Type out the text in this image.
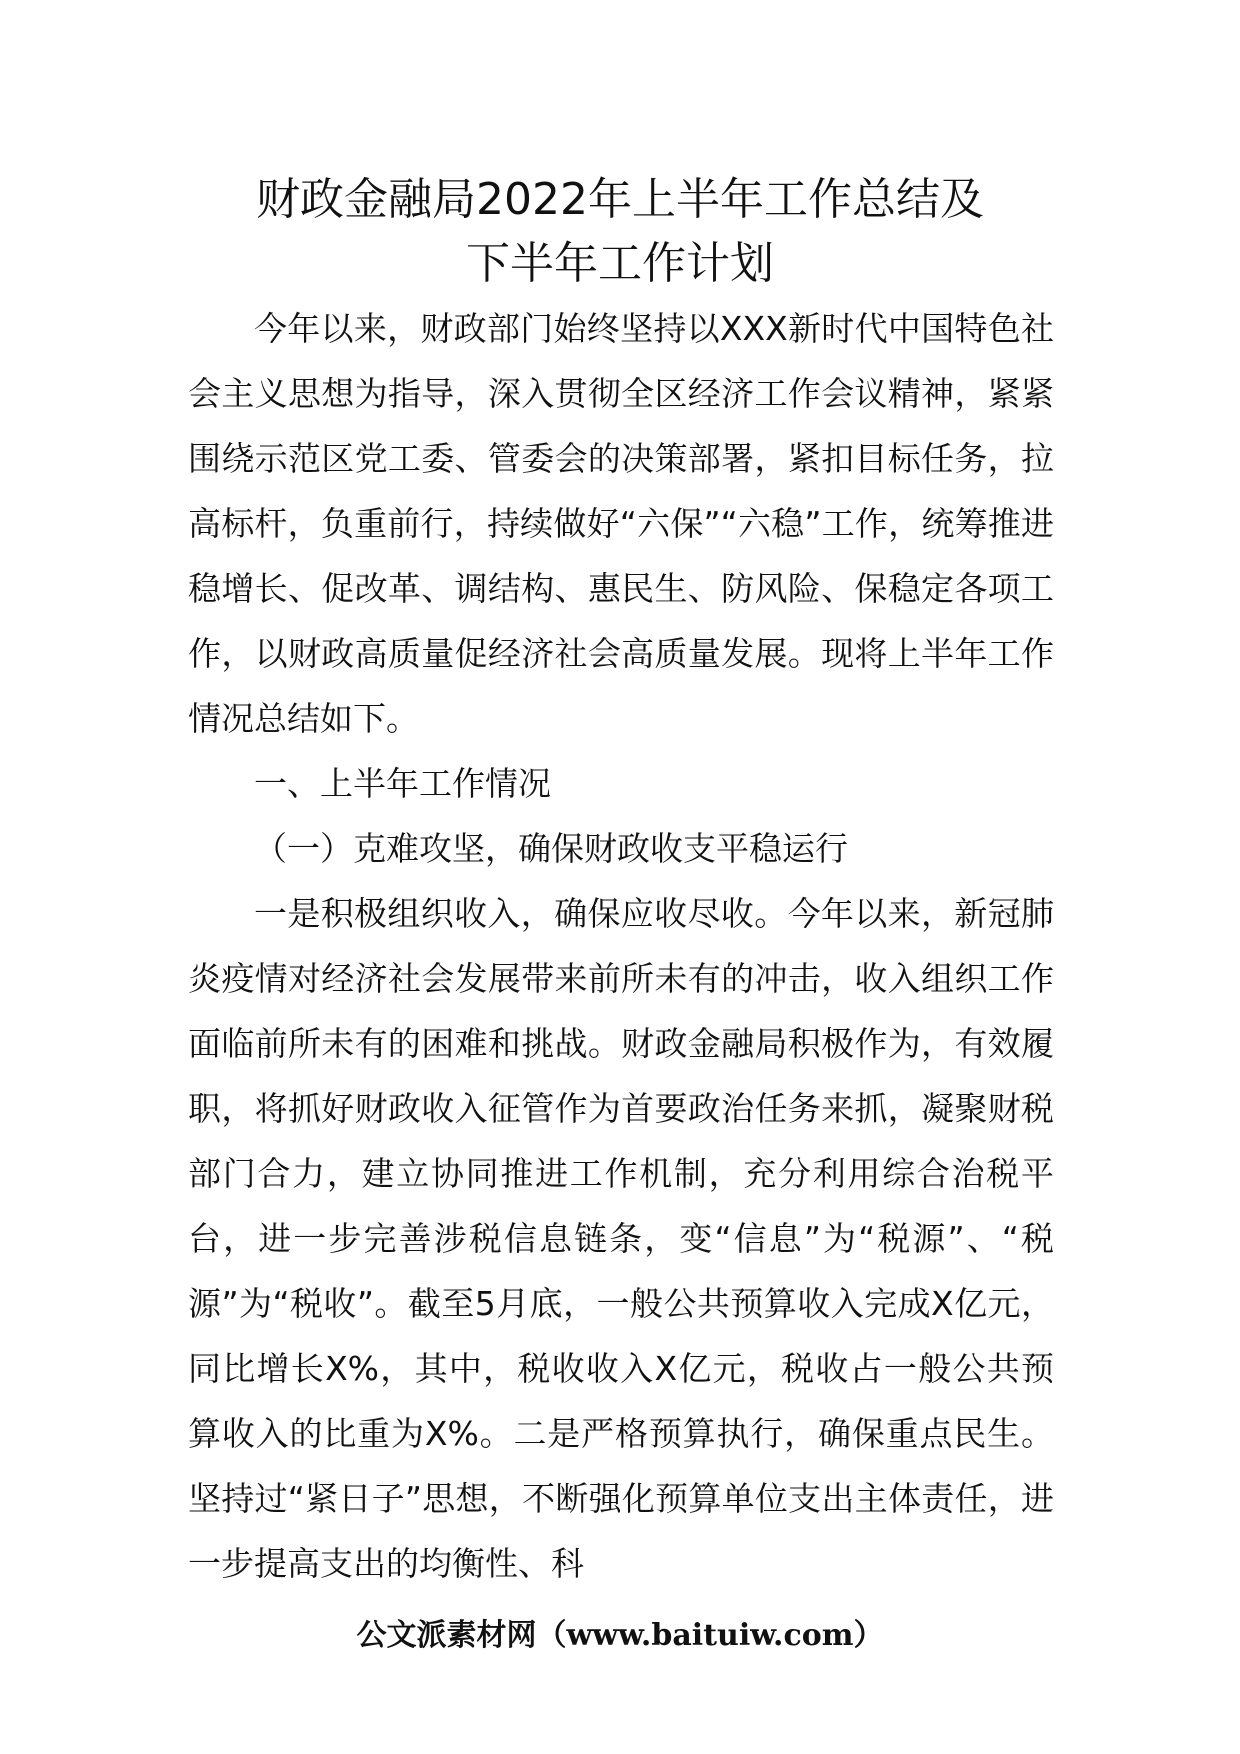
财政金融局2022年上半年工作总结及
下半年工作计划

今年以来，财政部门始终坚持以XXX新时代中国特色社会主义思想为指导，深入贯彻全区经济工作会议精神，紧紧围绕示范区党工委、管委会的决策部署，紧扣目标任务，拉高标杆，负重前行，持续做好“六保”“六稳”工作，统筹推进稳增长、促改革、调结构、惠民生、防风险、保稳定各项工作，以财政高质量促经济社会高质量发展。现将上半年工作情况总结如下。

一、上半年工作情况

（一）克难攻坚，确保财政收支平稳运行

一是积极组织收入，确保应收尽收。今年以来，新冠肺炎疫情对经济社会发展带来前所未有的冲击，收入组织工作面临前所未有的困难和挑战。财政金融局积极作为，有效履职，将抓好财政收入征管作为首要政治任务来抓，凝聚财税部门合力，建立协同推进工作机制，充分利用综合治税平台，进一步完善涉税信息链条，变“信息”为“税源”、“税源”为“税收”。截至5月底，一般公共预算收入完成X亿元，同比增长X%，其中，税收收入X亿元，税收占一般公共预算收入的比重为X%。二是严格预算执行，确保重点民生。坚持过“紧日子”思想，不断强化预算单位支出主体责任，进一步提高支出的均衡性、科

公文派素材网（www.baituiw.com）
